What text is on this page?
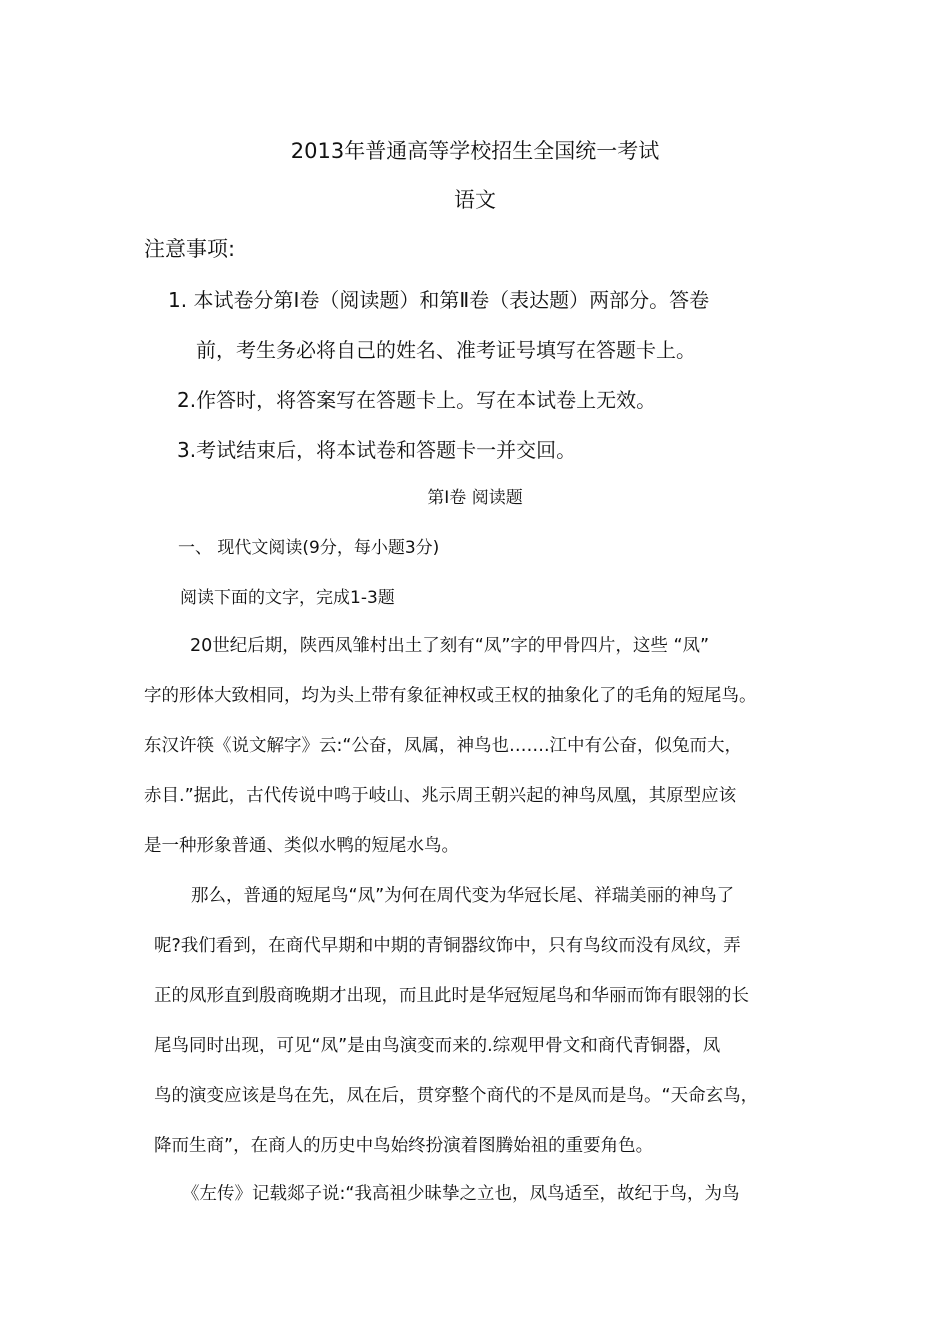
2013年普通高等学校招生全国统一考试
语文
注意事项:
1. 本试卷分第Ⅰ卷（阅读题）和第Ⅱ卷（表达题）两部分。答卷
前，考生务必将自己的姓名、准考证号填写在答题卡上。
2.作答时，将答案写在答题卡上。写在本试卷上无效。
3.考试结束后，将本试卷和答题卡一并交回。
第Ⅰ卷 阅读题
一、 现代文阅读(9分，每小题3分)
阅读下面的文字，完成1-3题
20世纪后期，陕西凤雏村出土了刻有“凤”字的甲骨四片，这些 “凤”
字的形体大致相同，均为头上带有象征神权或王权的抽象化了的毛角的短尾鸟。
东汉许筷《说文解字》云:“公奋，凤属，神鸟也…….江中有公奋，似兔而大，
赤目.”据此，古代传说中鸣于岐山、兆示周王朝兴起的神鸟凤凰，其原型应该
是一种形象普通、类似水鸭的短尾水鸟。
那么，普通的短尾鸟“凤”为何在周代变为华冠长尾、祥瑞美丽的神鸟了
呢?我们看到，在商代早期和中期的青铜器纹饰中，只有鸟纹而没有凤纹，弄
正的凤形直到殷商晚期才出现，而且此时是华冠短尾鸟和华丽而饰有眼翎的长
尾鸟同时出现，可见“凤”是由鸟演变而来的.综观甲骨文和商代青铜器，凤
鸟的演变应该是鸟在先，凤在后，贯穿整个商代的不是凤而是鸟。“天命玄鸟，
降而生商”，在商人的历史中鸟始终扮演着图腾始祖的重要角色。
《左传》记载郯子说:“我高祖少昧挚之立也，凤鸟适至，故纪于鸟，为鸟
